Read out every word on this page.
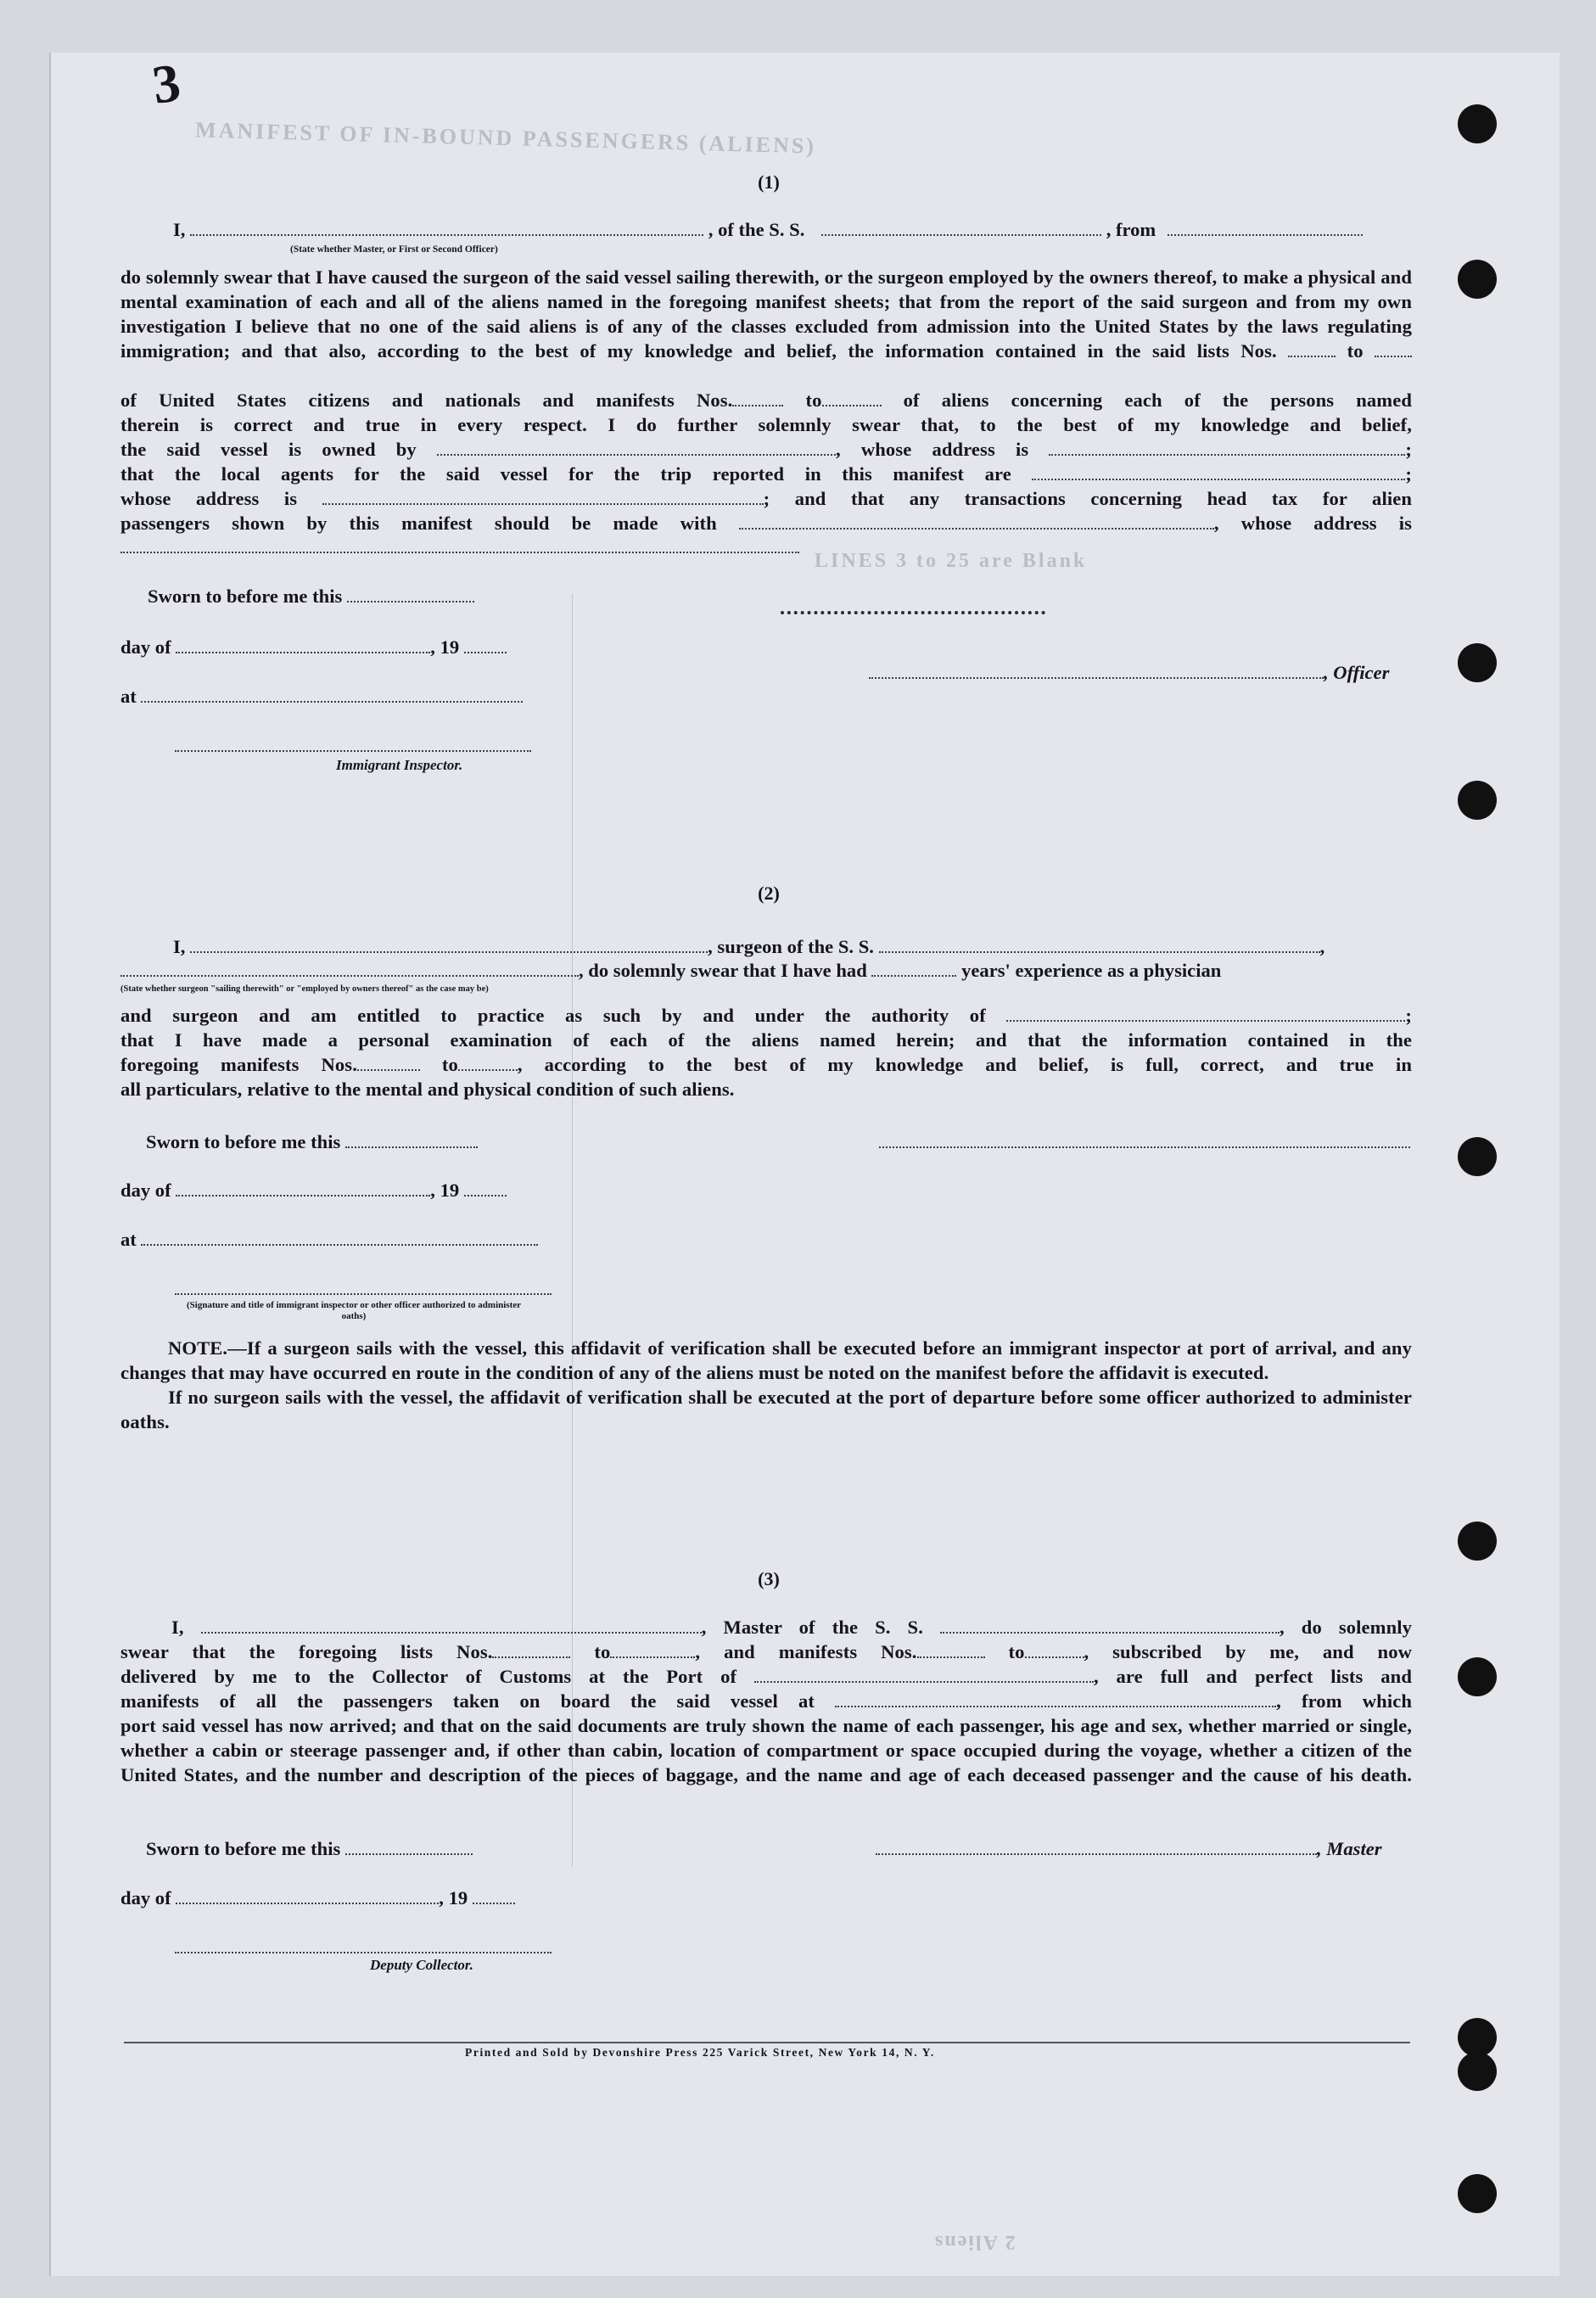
MANIFEST OF IN-BOUND PASSENGERS (ALIENS)
LINES 3 to 25 are Blank
2 Aliens
3
(1)
I,	, of the S. S.	, from
(State whether Master, or First or Second Officer)
do solemnly swear that I have caused the surgeon of the said vessel sailing therewith, or the surgeon employed by the owners thereof, to make a physical and mental examination of each and all of the aliens named in the foregoing manifest sheets; that from the report of the said surgeon and from my own investigation I believe that no one of the said aliens is of any of the classes excluded from admission into the United States by the laws regulating immigration; and that also, according to the best of my knowledge and belief, the information contained in the said lists Nos.	to
of United States citizens and nationals and manifests Nos.	to	of aliens concerning each of the persons named
therein is correct and true in every respect. I do further solemnly swear that, to the best of my knowledge and belief,
the said vessel is owned by	, whose address is	;
that the local agents for the said vessel for the trip reported in this manifest are	;
whose address is	; and that any transactions concerning head tax for alien
passengers shown by this manifest should be made with	, whose address is
Sworn to before me this
day of	, 19
at
Immigrant Inspector.
, Officer
(2)
I,	, surgeon of the S. S.	,
, do solemnly swear that I have had	years' experience as a physician
(State whether surgeon "sailing therewith" or "employed by owners thereof" as the case may be)
and surgeon and am entitled to practice as such by and under the authority of	;
that I have made a personal examination of each of the aliens named herein; and that the information contained in the
foregoing manifests Nos.	to	, according to the best of my knowledge and belief, is full, correct, and true in
all particulars, relative to the mental and physical condition of such aliens.
Sworn to before me this
day of	, 19
at
(Signature and title of immigrant inspector or other officer authorized to administer oaths)
NOTE.—If a surgeon sails with the vessel, this affidavit of verification shall be executed before an immigrant inspector at port of arrival, and any changes that may have occurred en route in the condition of any of the aliens must be noted on the manifest before the affidavit is executed.
If no surgeon sails with the vessel, the affidavit of verification shall be executed at the port of departure before some officer authorized to administer oaths.
(3)
I,	, Master of the S. S.	, do solemnly
swear that the foregoing lists Nos.	to	, and manifests Nos.	to	, subscribed by me, and now
delivered by me to the Collector of Customs at the Port of	, are full and perfect lists and
manifests of all the passengers taken on board the said vessel at	, from which
port said vessel has now arrived; and that on the said documents are truly shown the name of each passenger, his age and sex, whether married or single, whether a cabin or steerage passenger and, if other than cabin, location of compartment or space occupied during the voyage, whether a citizen of the United States, and the number and description of the pieces of baggage, and the name and age of each deceased passenger and the cause of his death.
Sworn to before me this	, Master
day of	, 19
Deputy Collector.
Printed and Sold by Devonshire Press 225 Varick Street, New York 14, N. Y.
